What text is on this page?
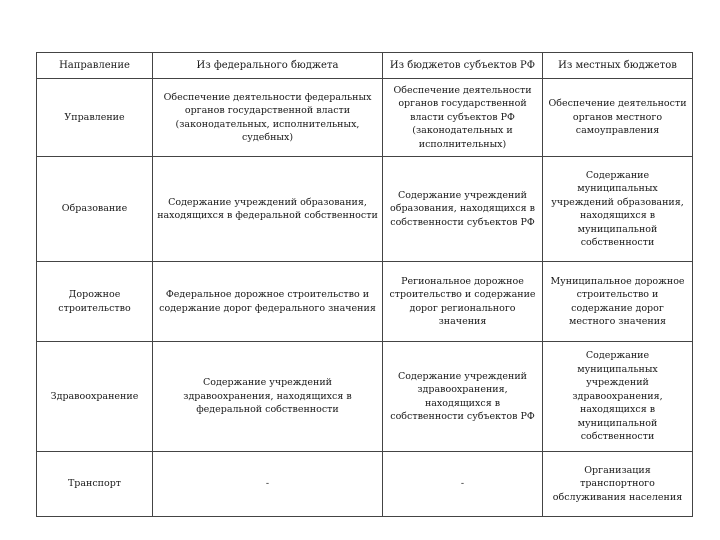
Направление	Из федерального бюджета	Из бюджетов субъектов РФ	Из местных бюджетов
Управление	Обеспечение деятельности федеральных органов государственной власти (законодательных, исполнительных, судебных)	Обеспечение деятельности органов государственной власти субъектов РФ (законодательных и исполнительных)	Обеспечение деятельности органов местного самоуправления
Образование	Содержание учреждений образования, находящихся в федеральной собственности	Содержание учреждений образования, находящихся в собственности субъектов РФ	Содержание муниципальных учреждений образования, находящихся в муниципальной собственности
Дорожное строительство	Федеральное дорожное строительство и содержание дорог федерального значения	Региональное дорожное строительство и содержание дорог регионального значения	Муниципальное дорожное строительство и содержание дорог местного значения
Здравоохранение	Содержание учреждений здравоохранения, находящихся в федеральной собственности	Содержание учреждений здравоохранения, находящихся в собственности субъектов РФ	Содержание муниципальных учреждений здравоохранения, находящихся в муниципальной собственности
Транспорт	-	-	Организация транспортного обслуживания населения
